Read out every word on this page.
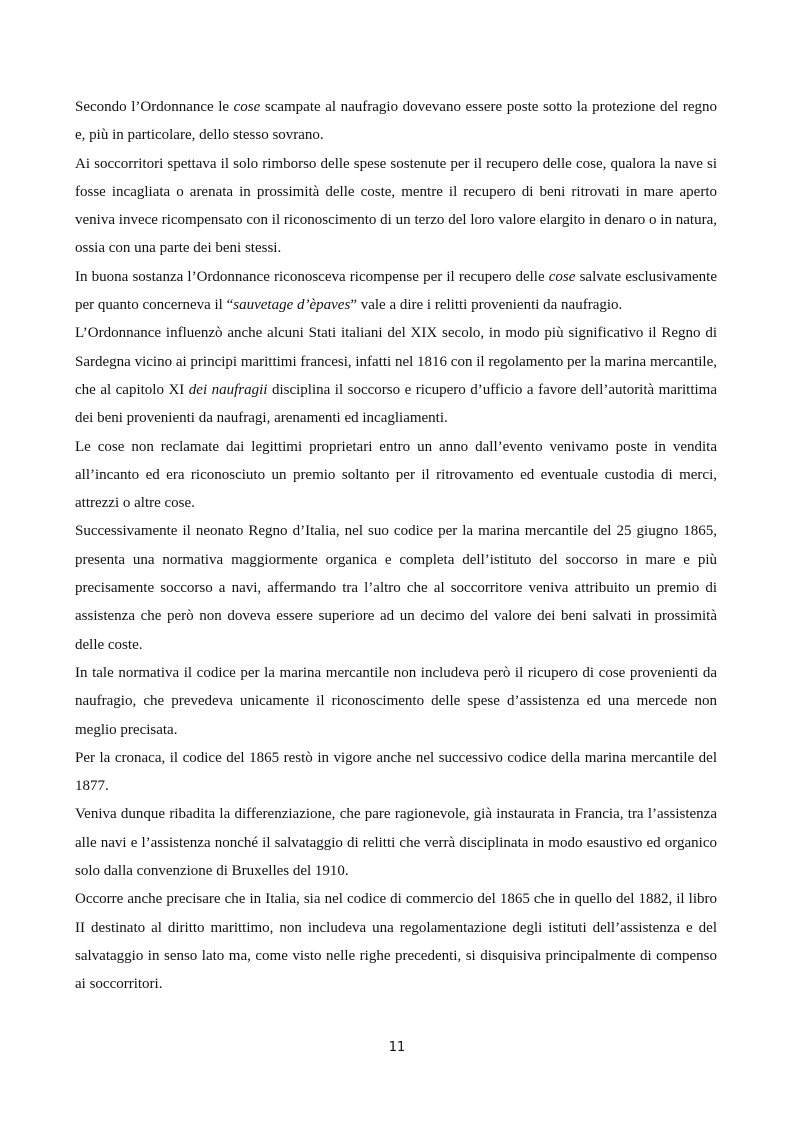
Secondo l’Ordonnance le cose scampate al naufragio dovevano essere poste sotto la protezione del regno e, più in particolare, dello stesso sovrano.

Ai soccorritori spettava il solo rimborso delle spese sostenute per il recupero delle cose, qualora la nave si fosse incagliata o arenata in prossimità delle coste, mentre il recupero di beni ritrovati in mare aperto veniva invece ricompensato con il riconoscimento di un terzo del loro valore elargito in denaro o in natura, ossia con una parte dei beni stessi.

In buona sostanza l’Ordonnance riconosceva ricompense per il recupero delle cose salvate esclusivamente per quanto concerneva il “sauvetage d’èpaves” vale a dire i relitti provenienti da naufragio.

L’Ordonnance influenzò anche alcuni Stati italiani del XIX secolo, in modo più significativo il Regno di Sardegna vicino ai principi marittimi francesi, infatti nel 1816 con il regolamento per la marina mercantile, che al capitolo XI dei naufragii disciplina il soccorso e ricupero d’ufficio a favore dell’autorità marittima dei beni provenienti da naufragi, arenamenti ed incagliamenti.

Le cose non reclamate dai legittimi proprietari entro un anno dall’evento venivamo poste in vendita all’incanto ed era riconosciuto un premio soltanto per il ritrovamento ed eventuale custodia di merci, attrezzi o altre cose.

Successivamente il neonato Regno d’Italia, nel suo codice per la marina mercantile del 25 giugno 1865, presenta una normativa maggiormente organica e completa dell’istituto del soccorso in mare e più precisamente soccorso a navi, affermando tra l’altro che al soccorritore veniva attribuito un premio di assistenza che però non doveva essere superiore ad un decimo del valore dei beni salvati in prossimità delle coste.

In tale normativa il codice per la marina mercantile non includeva però il ricupero di cose provenienti da naufragio, che prevedeva unicamente il riconoscimento delle spese d’assistenza ed una mercede non meglio precisata.

Per la cronaca, il codice del 1865 restò in vigore anche nel successivo codice della marina mercantile del 1877.

Veniva dunque ribadita la differenziazione, che pare ragionevole, già instaurata in Francia, tra l’assistenza alle navi e l’assistenza nonché il salvataggio di relitti che verrà disciplinata in modo esaustivo ed organico solo dalla convenzione di Bruxelles del 1910.

Occorre anche precisare che in Italia, sia nel codice di commercio del 1865 che in quello del 1882, il libro II destinato al diritto marittimo, non includeva una regolamentazione degli istituti dell’assistenza e del salvataggio in senso lato ma, come visto nelle righe precedenti, si disquisiva principalmente di compenso ai soccorritori.

11
